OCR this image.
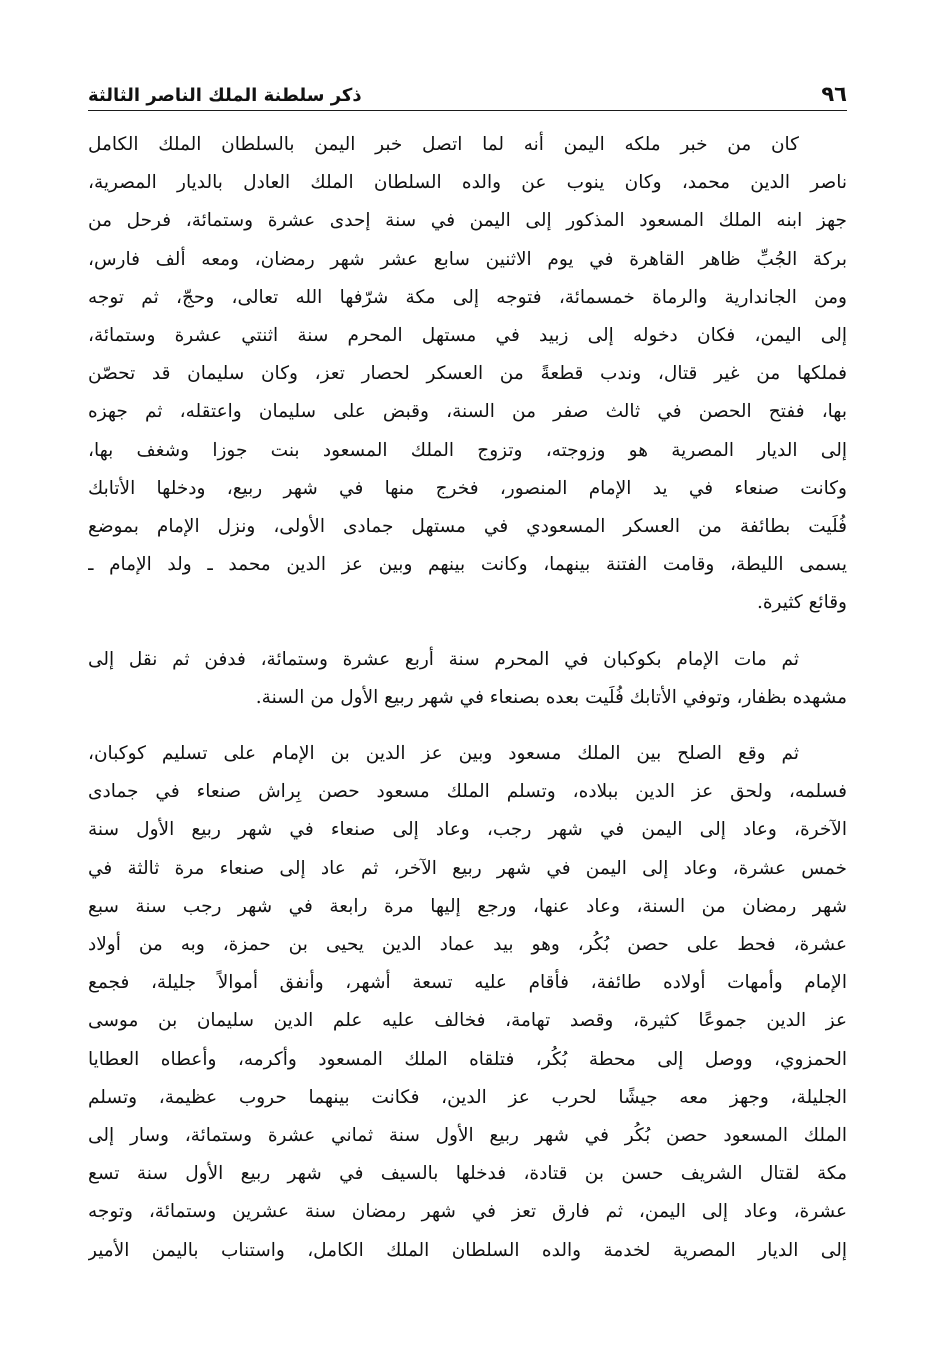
٩٦
ذكر سلطنة الملك الناصر الثالثة

كان من خبر ملكه اليمن أنه لما اتصل خبر اليمن بالسلطان الملك الكامل
ناصر الدين محمد، وكان ينوب عن والده السلطان الملك العادل بالديار المصرية،
جهز ابنه الملك المسعود المذكور إلى اليمن في سنة إحدى عشرة وستمائة، فرحل من
بركة الجُبِّ ظاهر القاهرة في يوم الاثنين سابع عشر شهر رمضان، ومعه ألف فارس،
ومن الجاندارية والرماة خمسمائة، فتوجه إلى مكة شرّفها الله تعالى، وحجّ، ثم توجه
إلى اليمن، فكان دخوله إلى زبيد في مستهل المحرم سنة اثنتي عشرة وستمائة،
فملكها من غير قتال، وندب قطعةً من العسكر لحصار تعز، وكان سليمان قد تحصّن
بها، ففتح الحصن في ثالث صفر من السنة، وقبض على سليمان واعتقله، ثم جهزه
إلى الديار المصرية هو وزوجته، وتزوج الملك المسعود بنت جوزا وشغف بها،
وكانت صنعاء في يد الإمام المنصور، فخرج منها في شهر ربيع، ودخلها الأتابك
فُلَيت بطائفة من العسكر المسعودي في مستهل جمادى الأولى، ونزل الإمام بموضع
يسمى الليطة، وقامت الفتنة بينهما، وكانت بينهم وبين عز الدين محمد ـ ولد الإمام ـ
وقائع كثيرة.

ثم مات الإمام بكوكبان في المحرم سنة أربع عشرة وستمائة، فدفن ثم نقل إلى
مشهده بظفار، وتوفي الأتابك فُلَيت بعده بصنعاء في شهر ربيع الأول من السنة.

ثم وقع الصلح بين الملك مسعود وبين عز الدين بن الإمام على تسليم كوكبان،
فسلمه، ولحق عز الدين ببلاده، وتسلم الملك مسعود حصن بِراش صنعاء في جمادى
الآخرة، وعاد إلى اليمن في شهر رجب، وعاد إلى صنعاء في شهر ربيع الأول سنة
خمس عشرة، وعاد إلى اليمن في شهر ربيع الآخر، ثم عاد إلى صنعاء مرة ثالثة في
شهر رمضان من السنة، وعاد عنها، ورجع إليها مرة رابعة في شهر رجب سنة سبع
عشرة، فحط على حصن بُكُر، وهو بيد عماد الدين يحيى بن حمزة، وبه من أولاد
الإمام وأمهات أولاده طائفة، فأقام عليه تسعة أشهر، وأنفق أموالاً جليلة، فجمع
عز الدين جموعًا كثيرة، وقصد تهامة، فخالف عليه علم الدين سليمان بن موسى
الحمزوي، ووصل إلى محطة بُكُر، فتلقاه الملك المسعود وأكرمه، وأعطاه العطايا
الجليلة، وجهز معه جيشًا لحرب عز الدين، فكانت بينهما حروب عظيمة، وتسلم
الملك المسعود حصن بُكُر في شهر ربيع الأول سنة ثماني عشرة وستمائة، وسار إلى
مكة لقتال الشريف حسن بن قتادة، فدخلها بالسيف في شهر ربيع الأول سنة تسع
عشرة، وعاد إلى اليمن، ثم فارق تعز في شهر رمضان سنة عشرين وستمائة، وتوجه
إلى الديار المصرية لخدمة والده السلطان الملك الكامل، واستناب باليمن الأمير
